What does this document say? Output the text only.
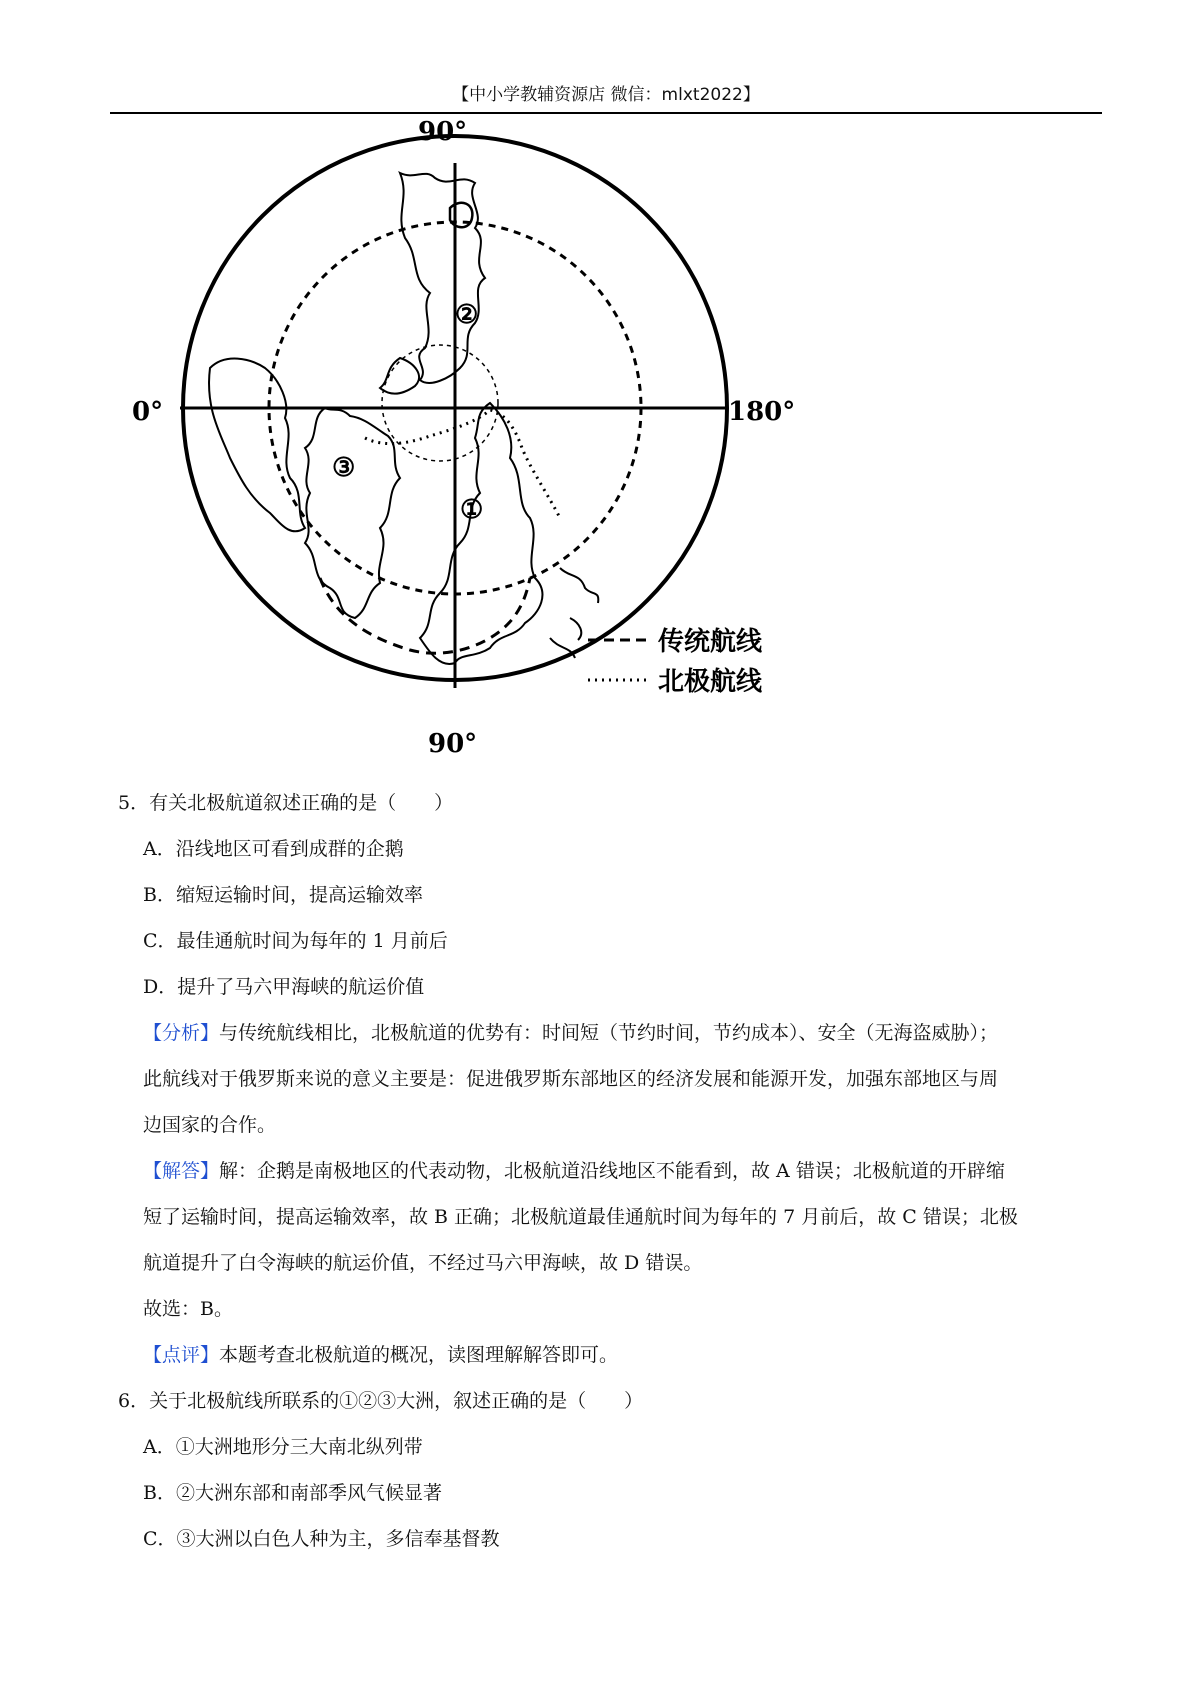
【中小学教辅资源店 微信：mlxt2022】
90°
90°
0°	180°
①
②
③
传统航线
北极航线
5．有关北极航道叙述正确的是（　　）
A．沿线地区可看到成群的企鹅
B．缩短运输时间，提高运输效率
C．最佳通航时间为每年的 1 月前后
D．提升了马六甲海峡的航运价值
【分析】与传统航线相比，北极航道的优势有：时间短（节约时间，节约成本）、安全（无海盗威胁）；
此航线对于俄罗斯来说的意义主要是：促进俄罗斯东部地区的经济发展和能源开发，加强东部地区与周
边国家的合作。
【解答】解：企鹅是南极地区的代表动物，北极航道沿线地区不能看到，故 A 错误；北极航道的开辟缩
短了运输时间，提高运输效率，故 B 正确；北极航道最佳通航时间为每年的 7 月前后，故 C 错误；北极
航道提升了白令海峡的航运价值，不经过马六甲海峡，故 D 错误。
故选：B。
【点评】本题考查北极航道的概况，读图理解解答即可。
6．关于北极航线所联系的①②③大洲，叙述正确的是（　　）
A．①大洲地形分三大南北纵列带
B．②大洲东部和南部季风气候显著
C．③大洲以白色人种为主，多信奉基督教
